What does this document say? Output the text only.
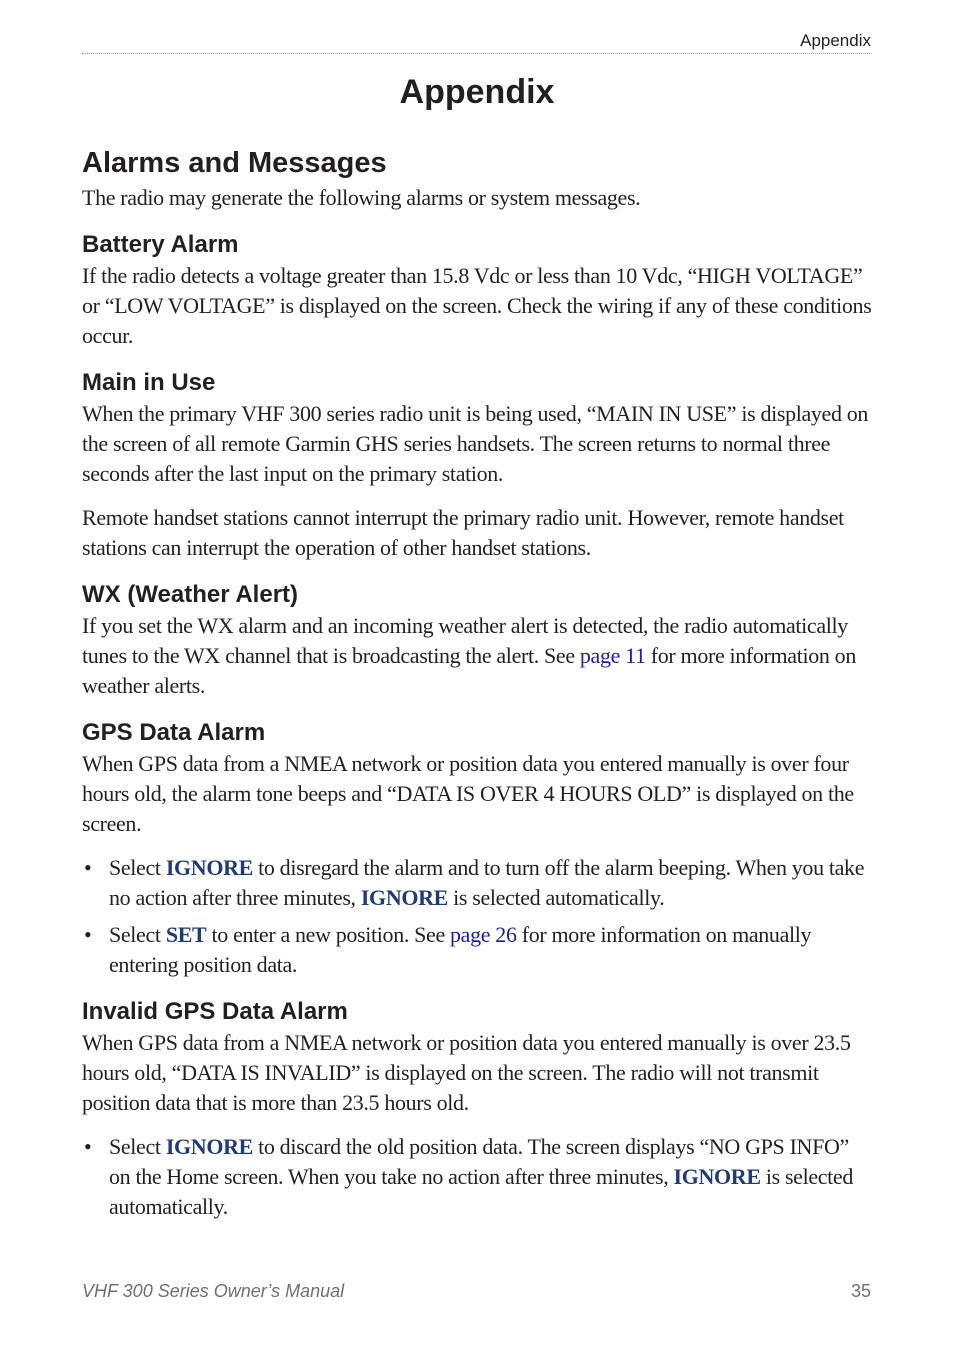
Appendix
Appendix
Alarms and Messages

The radio may generate the following alarms or system messages.

Battery Alarm

If the radio detects a voltage greater than 15.8 Vdc or less than 10 Vdc, “HIGH VOLTAGE” or “LOW VOLTAGE” is displayed on the screen. Check the wiring if any of these conditions occur.

Main in Use

When the primary VHF 300 series radio unit is being used, “MAIN IN USE” is displayed on the screen of all remote Garmin GHS series handsets. The screen returns to normal three seconds after the last input on the primary station.

Remote handset stations cannot interrupt the primary radio unit. However, remote handset stations can interrupt the operation of other handset stations.

WX (Weather Alert)

If you set the WX alarm and an incoming weather alert is detected, the radio automatically tunes to the WX channel that is broadcasting the alert. See page 11 for more information on weather alerts.

GPS Data Alarm

When GPS data from a NMEA network or position data you entered manually is over four hours old, the alarm tone beeps and “DATA IS OVER 4 HOURS OLD” is displayed on the screen.

• Select IGNORE to disregard the alarm and to turn off the alarm beeping. When you take no action after three minutes, IGNORE is selected automatically.
• Select SET to enter a new position. See page 26 for more information on manually entering position data.
Invalid GPS Data Alarm

When GPS data from a NMEA network or position data you entered manually is over 23.5 hours old, “DATA IS INVALID” is displayed on the screen. The radio will not transmit position data that is more than 23.5 hours old.

• Select IGNORE to discard the old position data. The screen displays “NO GPS INFO” on the Home screen. When you take no action after three minutes, IGNORE is selected automatically.
VHF 300 Series Owner’s Manual	35
